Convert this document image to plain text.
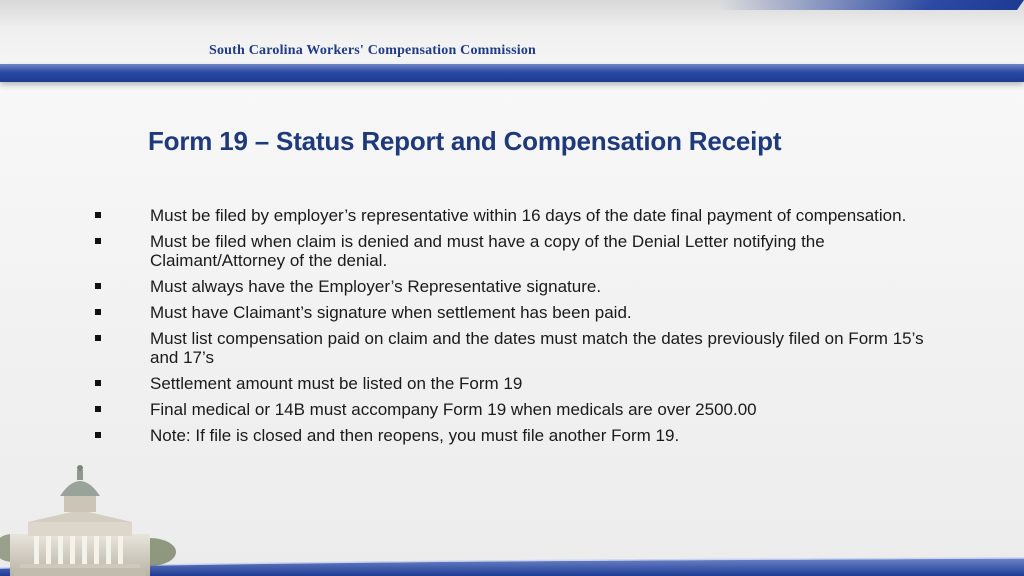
South Carolina Workers' Compensation Commission
Form 19 – Status Report and Compensation Receipt
Must be filed by employer’s representative within 16 days of the date final payment of compensation.
Must be filed when claim is denied and must have a copy of the Denial Letter notifying the Claimant/Attorney of the denial.
Must always have the Employer’s Representative signature.
Must have Claimant’s signature when settlement has been paid.
Must list compensation paid on claim and the dates must match the dates previously filed on Form 15’s and 17’s
Settlement amount must be listed on the Form 19
Final medical or 14B must accompany Form 19 when medicals are over 2500.00
Note: If file is closed and then reopens, you must file another Form 19.
